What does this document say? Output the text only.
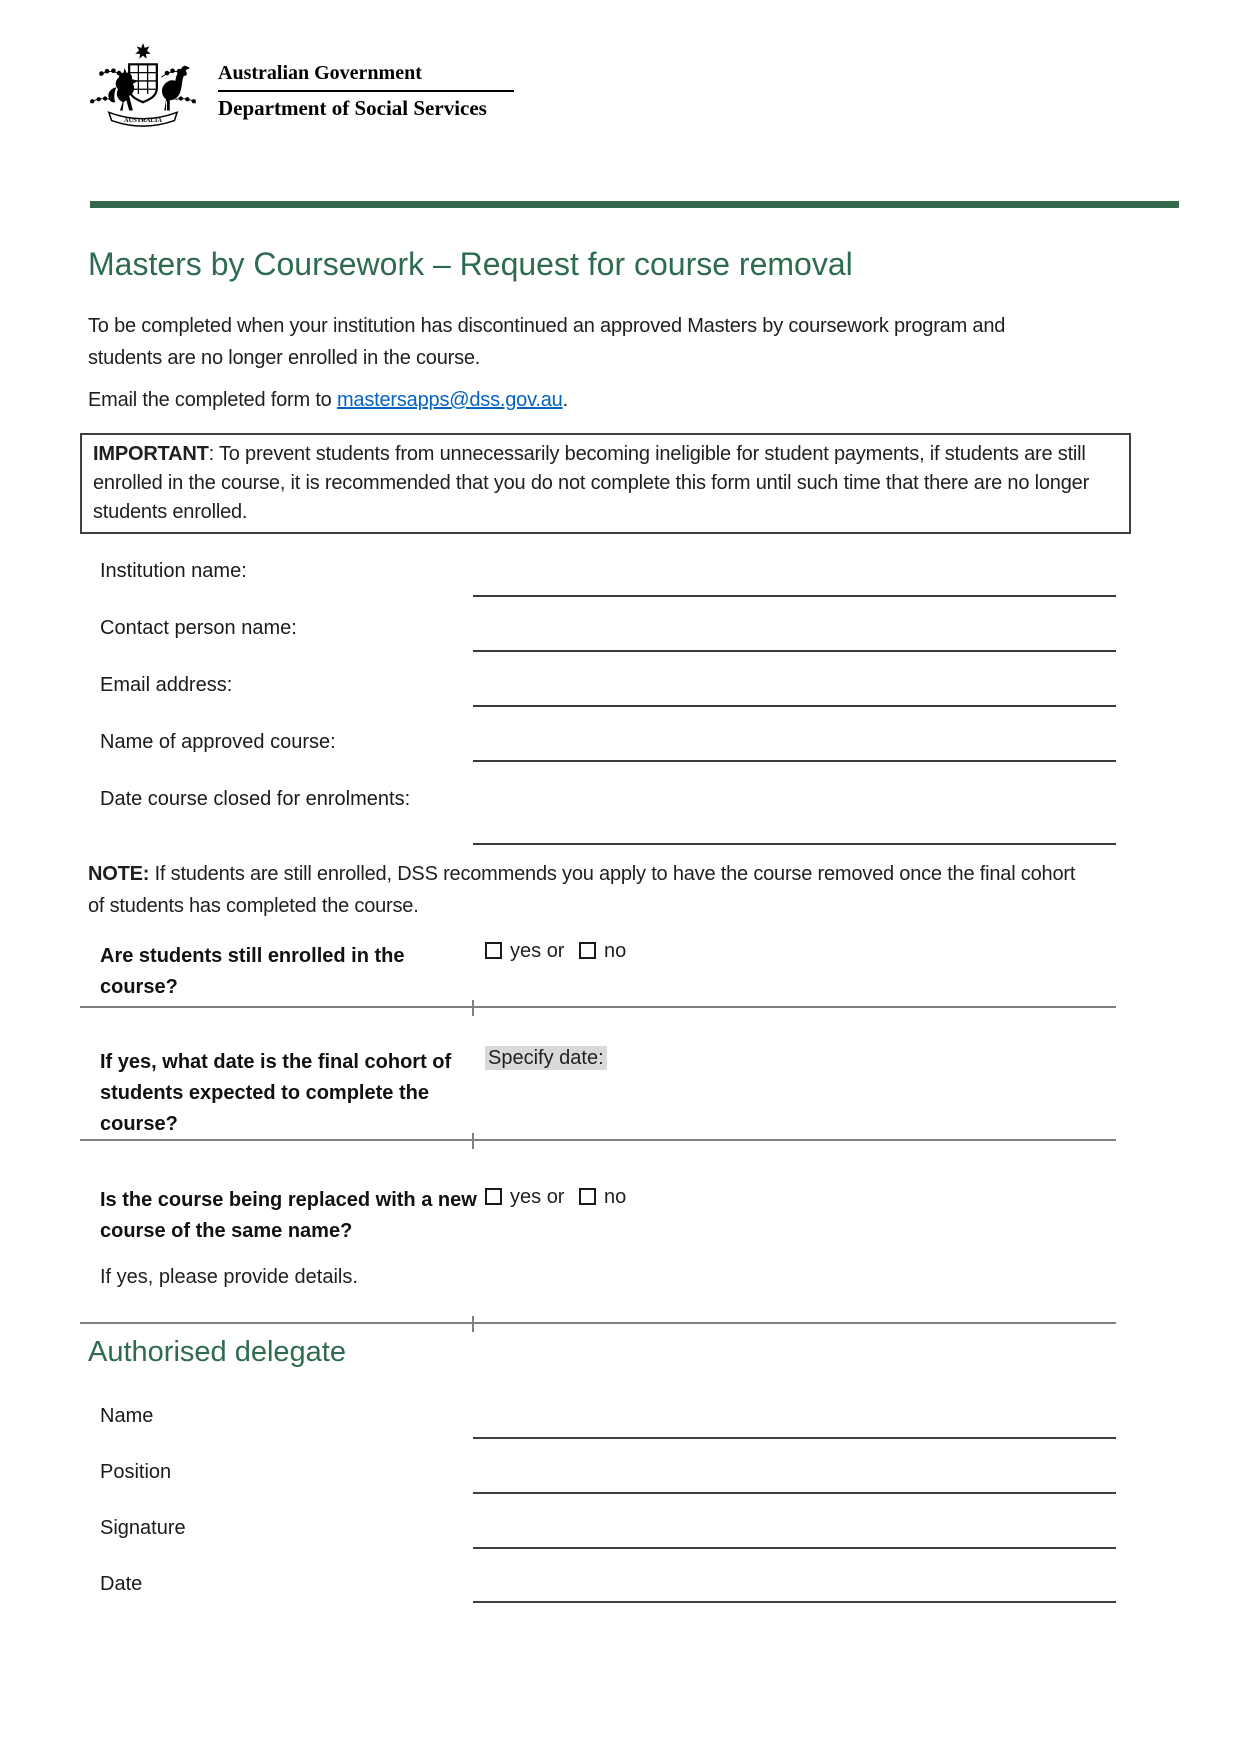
AUSTRALIA
Australian Government
Department of Social Services
Masters by Coursework – Request for course removal
To be completed when your institution has discontinued an approved Masters by coursework program and students are no longer enrolled in the course.
Email the completed form to mastersapps@dss.gov.au.
IMPORTANT: To prevent students from unnecessarily becoming ineligible for student payments, if students are still enrolled in the course, it is recommended that you do not complete this form until such time that there are no longer students enrolled.
Institution name:
Contact person name:
Email address:
Name of approved course:
Date course closed for enrolments:
NOTE: If students are still enrolled, DSS recommends you apply to have the course removed once the final cohort of students has completed the course.
Are students still enrolled in the course?
yes or no
If yes, what date is the final cohort of students expected to complete the course?
Specify date:
Is the course being replaced with a new course of the same name?
yes or no
If yes, please provide details.
Authorised delegate
Name
Position
Signature
Date
